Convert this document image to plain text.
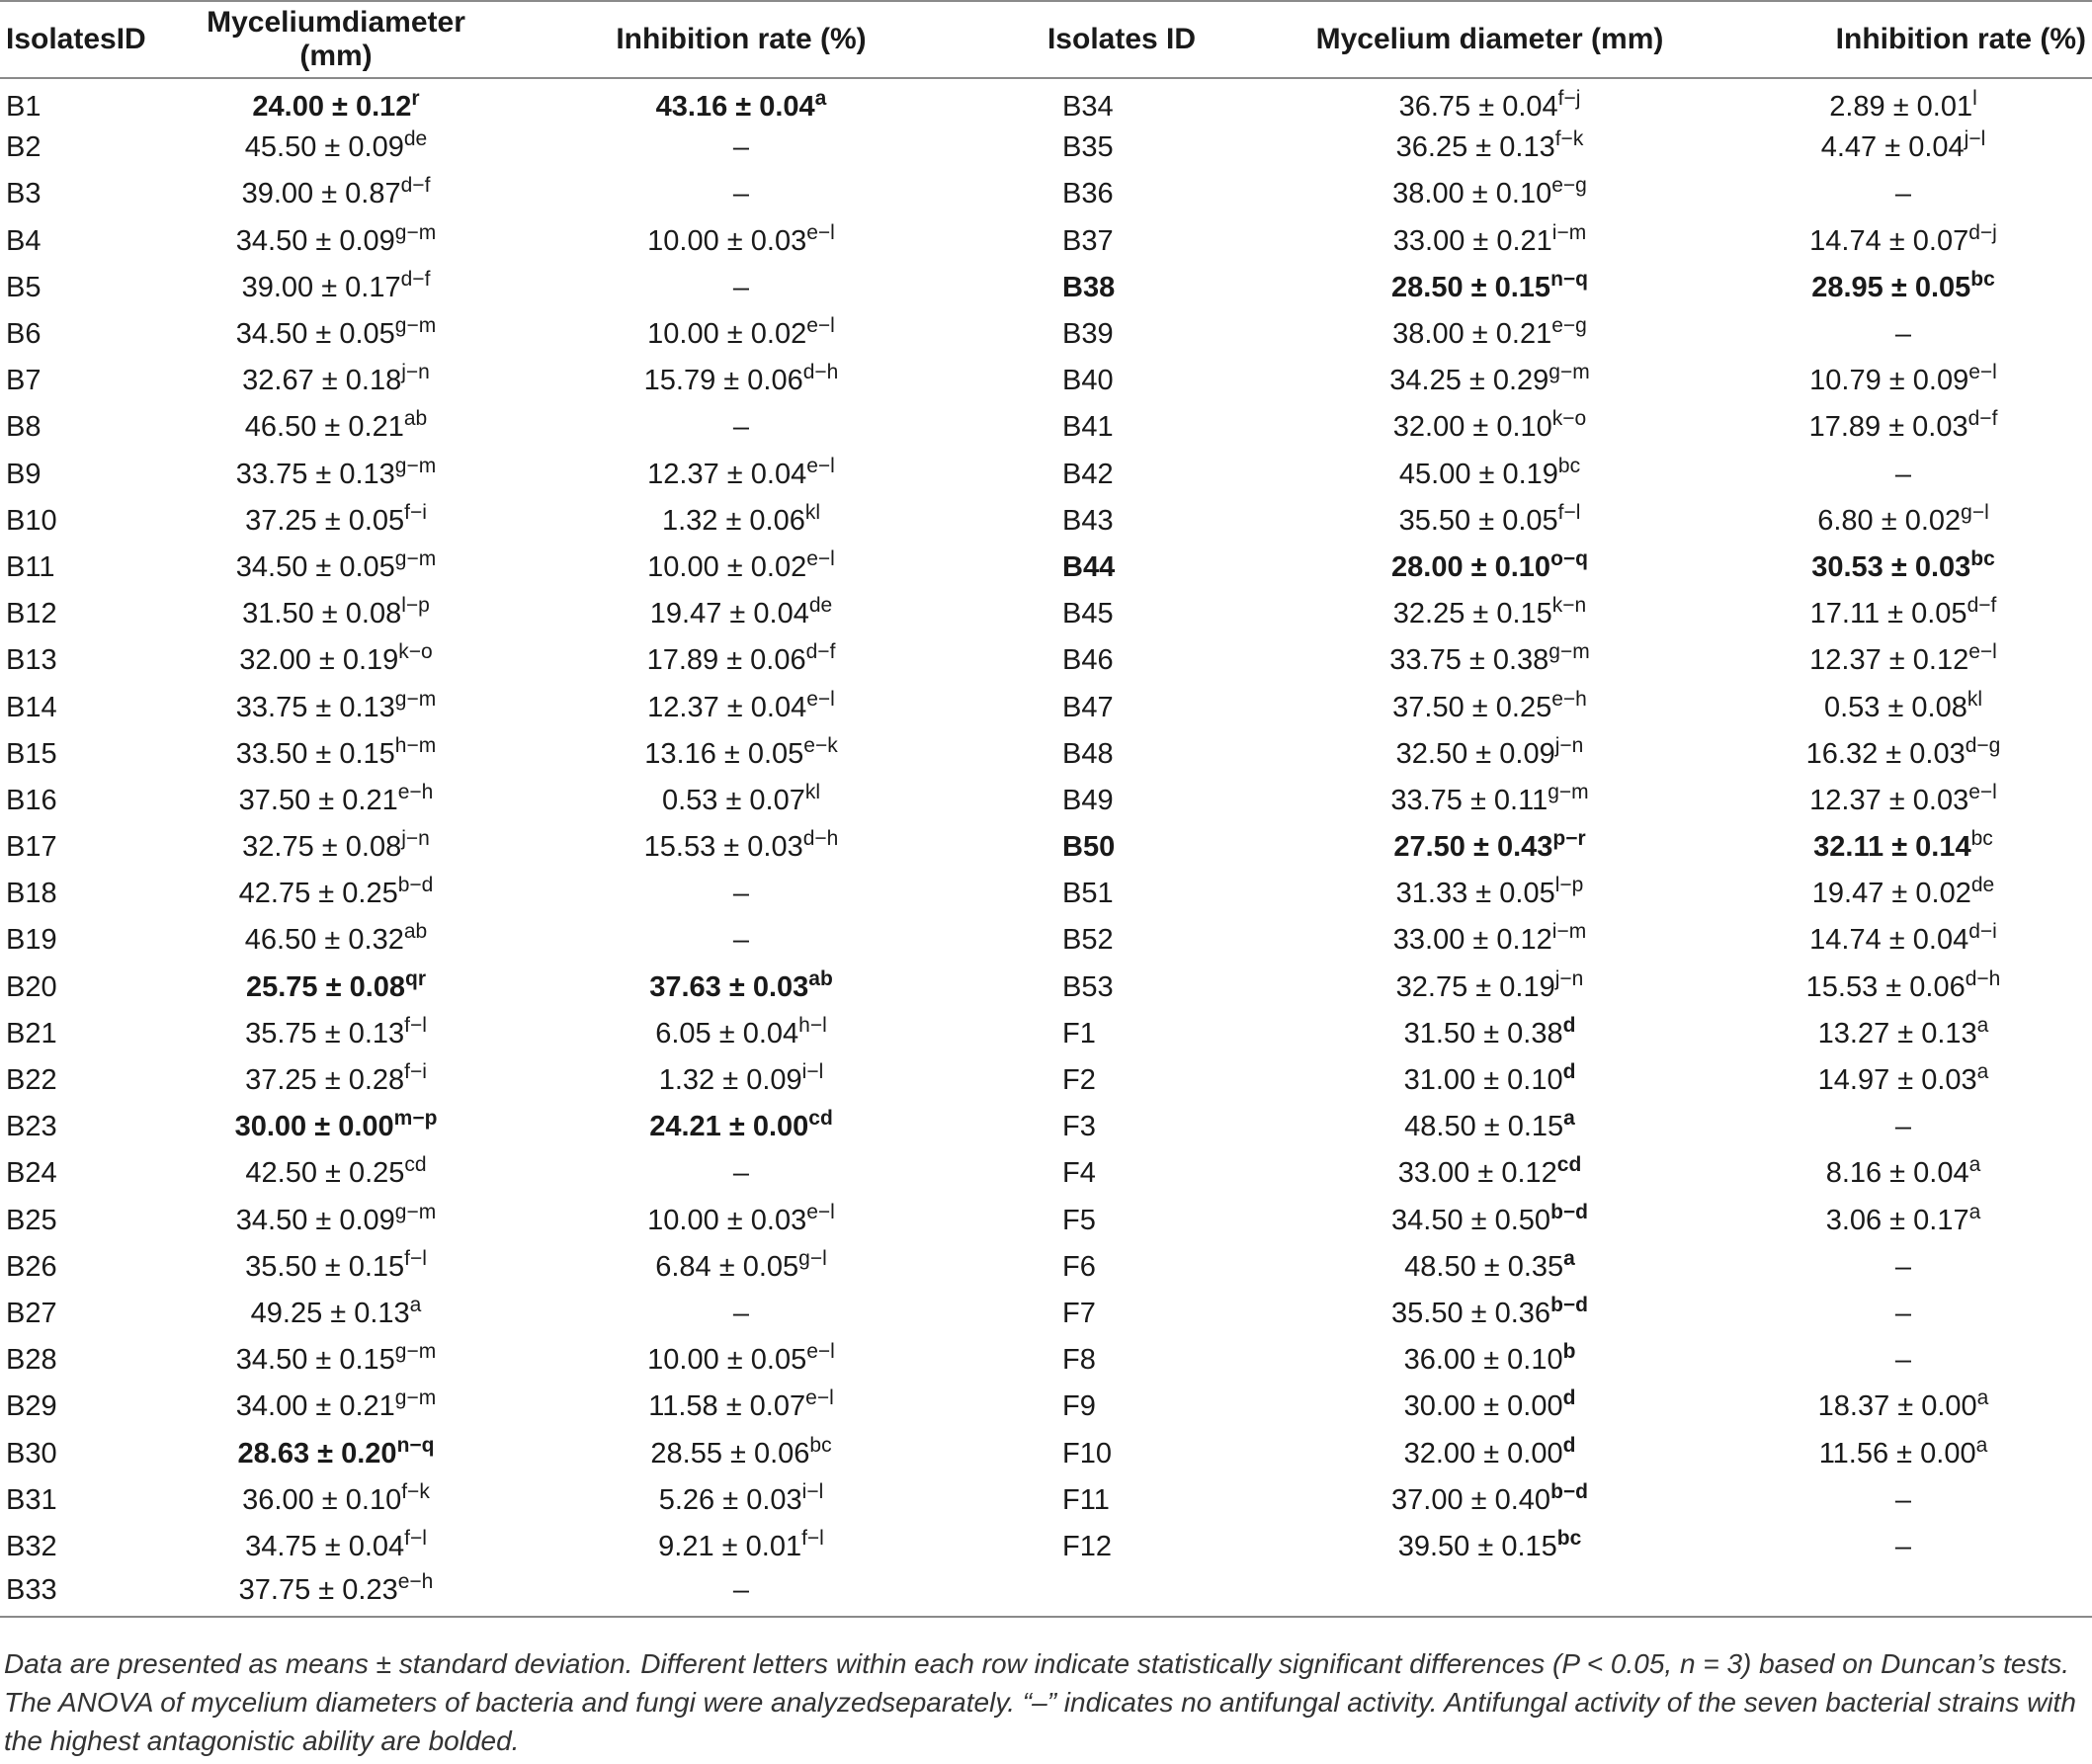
IsolatesID	Myceliumdiameter (mm)	Inhibition rate (%)	Isolates ID	Mycelium diameter (mm)	Inhibition rate (%)
B1	$24.00 \pm 0.12^r$	43.16 ± 0.04$^a$	B34	$36.75 \pm 0.04^{f-j}$	$2.89 \pm 0.01^l$
B2	45.50 ± 0.09de	–	B35	$36.25 \pm 0.13^{f-k}$	$4.47 \pm 0.04^{j-l}$
B3	$39.00 \pm 0.87^{d-f}$	–	B36	$38.00 \pm 0.10^{e-g}$	–
B4	$34.50 \pm 0.09^{g-m}$	$10.00 \pm 0.03^{e-l}$	B37	$33.00 \pm 0.21^{i-m}$	$14.74 \pm 0.07^{d-j}$
B5	$39.00 \pm 0.17^{d-f}$	–	B38	$28.50 \pm 0.15^{n-q}$	28.95 ± 0.05$^{bc}$
B6	$34.50 \pm 0.05^{g-m}$	$10.00 \pm 0.02^{e-l}$	B39	$38.00 \pm 0.21^{e-g}$	–
B7	$32.67 \pm 0.18^{j-n}$	$15.79 \pm 0.06^{d-h}$	B40	$34.25 \pm 0.29^{g-m}$	$10.79 \pm 0.09^{e-l}$
B8	46.50 ± 0.21$^{ab}$	–	B41	$32.00 \pm 0.10^{k-o}$	$17.89 \pm 0.03^{d-f}$
B9	$33.75 \pm 0.13^{g-m}$	$12.37 \pm 0.04^{e-l}$	B42	45.00 ± 0.19$^{bc}$	–
B10	$37.25 \pm 0.05^{f-i}$	$1.32 \pm 0.06^{kl}$	B43	$35.50 \pm 0.05^{f-l}$	$6.80 \pm 0.02^{g-l}$
B11	$34.50 \pm 0.05^{g-m}$	$10.00 \pm 0.02^{e-l}$	B44	$28.00 \pm 0.10^{o-q}$	30.53 ± 0.03$^{bc}$
B12	$31.50 \pm 0.08^{l-p}$	19.47 ± 0.04de	B45	$32.25 \pm 0.15^{k-n}$	$17.11 \pm 0.05^{d-f}$
B13	$32.00 \pm 0.19^{k-o}$	$17.89 \pm 0.06^{d-f}$	B46	$33.75 \pm 0.38^{g-m}$	$12.37 \pm 0.12^{e-l}$
B14	$33.75 \pm 0.13^{g-m}$	$12.37 \pm 0.04^{e-l}$	B47	$37.50 \pm 0.25^{e-h}$	$0.53 \pm 0.08^{kl}$
B15	$33.50 \pm 0.15^{h-m}$	$13.16 \pm 0.05^{e-k}$	B48	$32.50 \pm 0.09^{j-n}$	$16.32 \pm 0.03^{d-g}$
B16	$37.50 \pm 0.21^{e-h}$	$0.53 \pm 0.07^{kl}$	B49	$33.75 \pm 0.11^{g-m}$	$12.37 \pm 0.03^{e-l}$
B17	$32.75 \pm 0.08^{j-n}$	$15.53 \pm 0.03^{d-h}$	B50	$27.50 \pm 0.43^{p-r}$	32.11 ± 0.14$^{bc}$
B18	$42.75 \pm 0.25^{b-d}$	–	B51	$31.33 \pm 0.05^{l-p}$	19.47 ± 0.02de
B19	46.50 ± 0.32$^{ab}$	–	B52	$33.00 \pm 0.12^{i-m}$	$14.74 \pm 0.04^{d-i}$
B20	$25.75 \pm 0.08^{qr}$	37.63 ± 0.03$^{ab}$	B53	$32.75 \pm 0.19^{j-n}$	$15.53 \pm 0.06^{d-h}$
B21	$35.75 \pm 0.13^{f-l}$	$6.05 \pm 0.04^{h-l}$	F1	31.50 ± 0.38$^d$	13.27 ± 0.13$^a$
B22	$37.25 \pm 0.28^{f-i}$	$1.32 \pm 0.09^{i-l}$	F2	31.00 ± 0.10$^d$	14.97 ± 0.03$^a$
B23	$30.00 \pm 0.00^{m-p}$	24.21 ± 0.00$^{cd}$	F3	48.50 ± 0.15$^a$	–
B24	42.50 ± 0.25$^{cd}$	–	F4	33.00 ± 0.12$^{cd}$	8.16 ± 0.04$^a$
B25	$34.50 \pm 0.09^{g-m}$	$10.00 \pm 0.03^{e-l}$	F5	$34.50 \pm 0.50^{b-d}$	3.06 ± 0.17$^a$
B26	$35.50 \pm 0.15^{f-l}$	$6.84 \pm 0.05^{g-l}$	F6	48.50 ± 0.35$^a$	–
B27	49.25 ± 0.13$^a$	–	F7	$35.50 \pm 0.36^{b-d}$	–
B28	$34.50 \pm 0.15^{g-m}$	$10.00 \pm 0.05^{e-l}$	F8	36.00 ± 0.10$^b$	–
B29	$34.00 \pm 0.21^{g-m}$	$11.58 \pm 0.07^{e-l}$	F9	30.00 ± 0.00$^d$	18.37 ± 0.00$^a$
B30	$28.63 \pm 0.20^{n-q}$	28.55 ± 0.06$^{bc}$	F10	32.00 ± 0.00$^d$	11.56 ± 0.00$^a$
B31	$36.00 \pm 0.10^{f-k}$	$5.26 \pm 0.03^{i-l}$	F11	$37.00 \pm 0.40^{b-d}$	–
B32	$34.75 \pm 0.04^{f-l}$	$9.21 \pm 0.01^{f-l}$	F12	39.50 ± 0.15$^{bc}$	–
B33	$37.75 \pm 0.23^{e-h}$	–			

Data are presented as means ± standard deviation. Different letters within each row indicate statistically significant differences (P < 0.05, n = 3) based on Duncan’s tests. The ANOVA of mycelium diameters of bacteria and fungi were analyzedseparately. “–” indicates no antifungal activity. Antifungal activity of the seven bacterial strains with the highest antagonistic ability are bolded.
